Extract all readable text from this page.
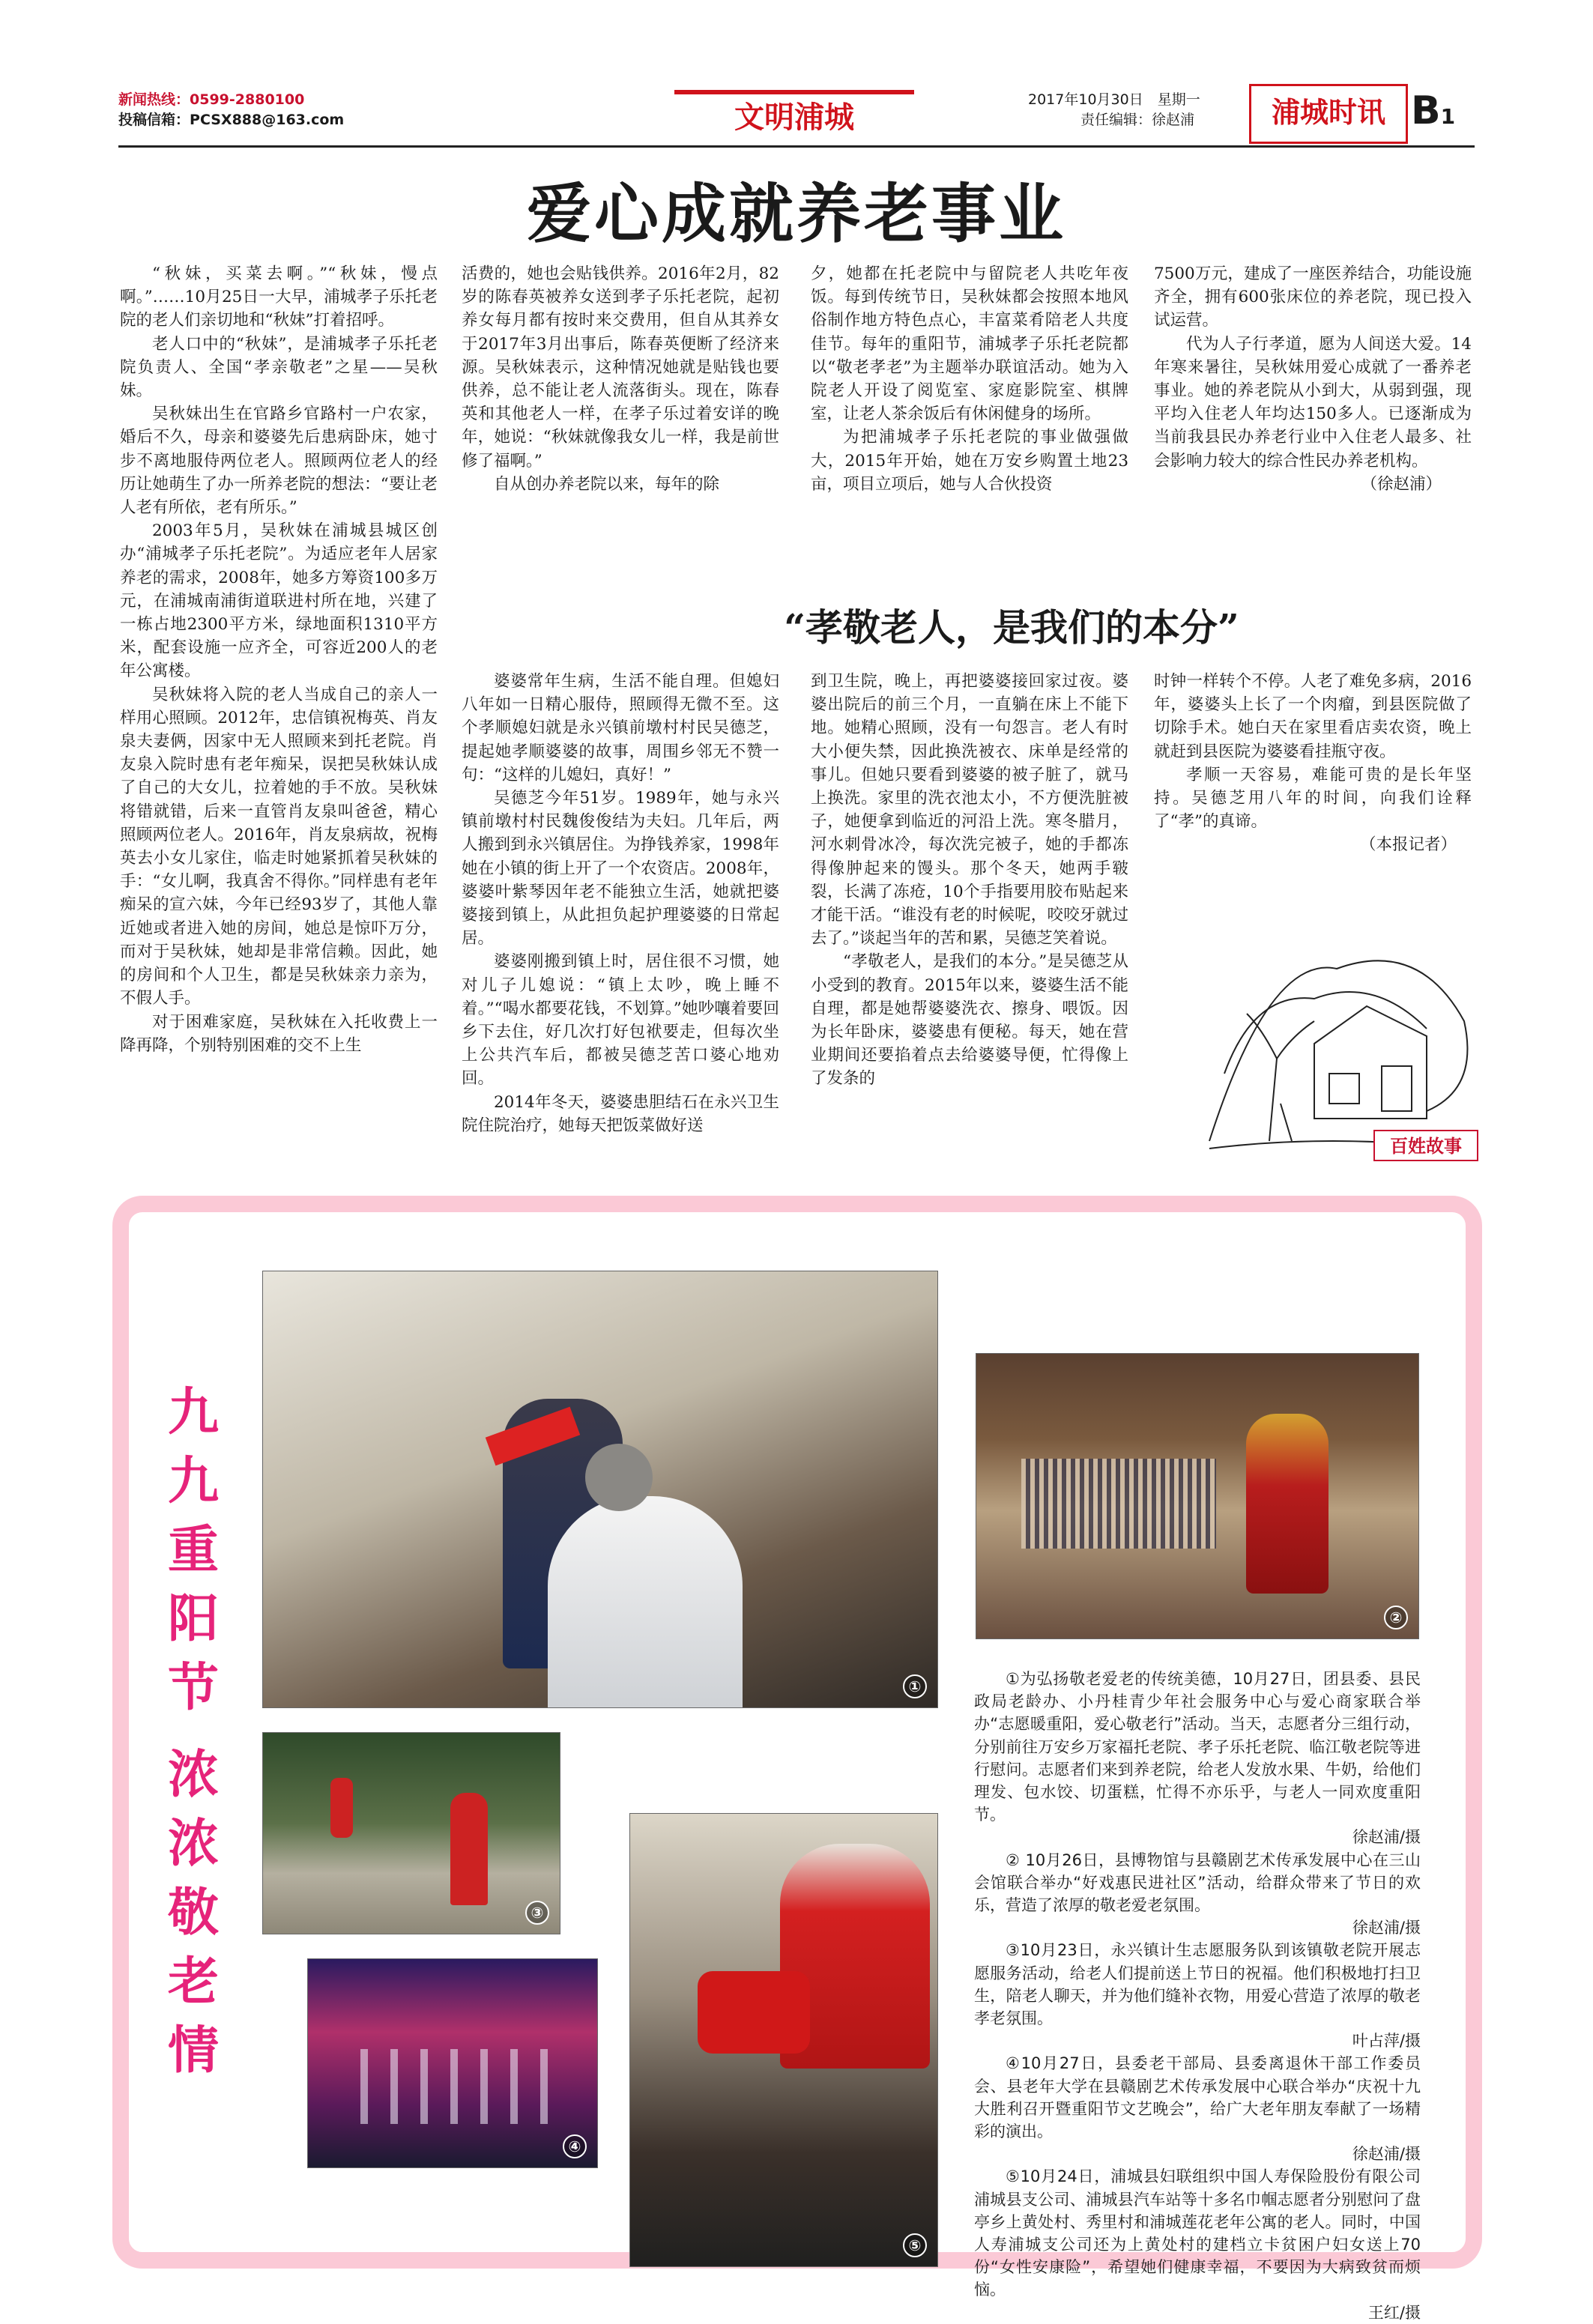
新闻热线：0599-2880100
投稿信箱：PCSX888@163.com	文明浦城
2017年10月30日　星期一
责任编辑：徐赵浦	浦城时讯 B1
爱心成就养老事业

“秋妹，买菜去啊。”“秋妹，慢点啊。”……10月25日一大早，浦城孝子乐托老院的老人们亲切地和“秋妹”打着招呼。

老人口中的“秋妹”，是浦城孝子乐托老院负责人、全国“孝亲敬老”之星——吴秋妹。

吴秋妹出生在官路乡官路村一户农家，婚后不久，母亲和婆婆先后患病卧床，她寸步不离地服侍两位老人。照顾两位老人的经历让她萌生了办一所养老院的想法：“要让老人老有所依，老有所乐。”

2003年5月，吴秋妹在浦城县城区创办“浦城孝子乐托老院”。为适应老年人居家养老的需求，2008年，她多方筹资100多万元，在浦城南浦街道联进村所在地，兴建了一栋占地2300平方米，绿地面积1310平方米，配套设施一应齐全，可容近200人的老年公寓楼。

吴秋妹将入院的老人当成自己的亲人一样用心照顾。2012年，忠信镇祝梅英、肖友泉夫妻俩，因家中无人照顾来到托老院。肖友泉入院时患有老年痴呆，误把吴秋妹认成了自己的大女儿，拉着她的手不放。吴秋妹将错就错，后来一直管肖友泉叫爸爸，精心照顾两位老人。2016年，肖友泉病故，祝梅英去小女儿家住，临走时她紧抓着吴秋妹的手：“女儿啊，我真舍不得你。”同样患有老年痴呆的宣六妹，今年已经93岁了，其他人靠近她或者进入她的房间，她总是惊吓万分，而对于吴秋妹，她却是非常信赖。因此，她的房间和个人卫生，都是吴秋妹亲力亲为，不假人手。

对于困难家庭，吴秋妹在入托收费上一降再降，个别特别困难的交不上生

活费的，她也会贴钱供养。2016年2月，82岁的陈春英被养女送到孝子乐托老院，起初养女每月都有按时来交费用，但自从其养女于2017年3月出事后，陈春英便断了经济来源。吴秋妹表示，这种情况她就是贴钱也要供养，总不能让老人流落街头。现在，陈春英和其他老人一样，在孝子乐过着安详的晚年，她说：“秋妹就像我女儿一样，我是前世修了福啊。”

自从创办养老院以来，每年的除

夕，她都在托老院中与留院老人共吃年夜饭。每到传统节日，吴秋妹都会按照本地风俗制作地方特色点心，丰富菜肴陪老人共度佳节。每年的重阳节，浦城孝子乐托老院都以“敬老孝老”为主题举办联谊活动。她为入院老人开设了阅览室、家庭影院室、棋牌室，让老人茶余饭后有休闲健身的场所。

为把浦城孝子乐托老院的事业做强做大，2015年开始，她在万安乡购置土地23亩，项目立项后，她与人合伙投资

7500万元，建成了一座医养结合，功能设施齐全，拥有600张床位的养老院，现已投入试运营。

代为人子行孝道，愿为人间送大爱。14年寒来暑往，吴秋妹用爱心成就了一番养老事业。她的养老院从小到大，从弱到强，现平均入住老人年均达150多人。已逐渐成为当前我县民办养老行业中入住老人最多、社会影响力较大的综合性民办养老机构。

（徐赵浦）
“孝敬老人，是我们的本分”

婆婆常年生病，生活不能自理。但媳妇八年如一日精心服侍，照顾得无微不至。这个孝顺媳妇就是永兴镇前墩村村民吴德芝，提起她孝顺婆婆的故事，周围乡邻无不赞一句：“这样的儿媳妇，真好！”

吴德芝今年51岁。1989年，她与永兴镇前墩村村民魏俊俊结为夫妇。几年后，两人搬到到永兴镇居住。为挣钱养家，1998年她在小镇的街上开了一个农资店。2008年，婆婆叶紫琴因年老不能独立生活，她就把婆婆接到镇上，从此担负起护理婆婆的日常起居。

婆婆刚搬到镇上时，居住很不习惯，她对儿子儿媳说：“镇上太吵，晚上睡不着。”“喝水都要花钱，不划算。”她吵嚷着要回乡下去住，好几次打好包袱要走，但每次坐上公共汽车后，都被吴德芝苦口婆心地劝回。

2014年冬天，婆婆患胆结石在永兴卫生院住院治疗，她每天把饭菜做好送

到卫生院，晚上，再把婆婆接回家过夜。婆婆出院后的前三个月，一直躺在床上不能下地。她精心照顾，没有一句怨言。老人有时大小便失禁，因此换洗被衣、床单是经常的事儿。但她只要看到婆婆的被子脏了，就马上换洗。家里的洗衣池太小，不方便洗脏被子，她便拿到临近的河沿上洗。寒冬腊月，河水刺骨冰冷，每次洗完被子，她的手都冻得像肿起来的馒头。那个冬天，她两手皲裂，长满了冻疮，10个手指要用胶布贴起来才能干活。“谁没有老的时候呢，咬咬牙就过去了。”谈起当年的苦和累，吴德芝笑着说。

“孝敬老人，是我们的本分。”是吴德芝从小受到的教育。2015年以来，婆婆生活不能自理，都是她帮婆婆洗衣、擦身、喂饭。因为长年卧床，婆婆患有便秘。每天，她在营业期间还要掐着点去给婆婆导便，忙得像上了发条的

时钟一样转个不停。人老了难免多病，2016年，婆婆头上长了一个肉瘤，到县医院做了切除手术。她白天在家里看店卖农资，晚上就赶到县医院为婆婆看挂瓶守夜。

孝顺一天容易，难能可贵的是长年坚持。吴德芝用八年的时间，向我们诠释了“孝”的真谛。

（本报记者）
百姓故事
九
九
重
阳
节
浓
浓
敬
老
情
①
②
③
④
⑤

①为弘扬敬老爱老的传统美德，10月27日，团县委、县民政局老龄办、小丹桂青少年社会服务中心与爱心商家联合举办“志愿暖重阳，爱心敬老行”活动。当天，志愿者分三组行动，分别前往万安乡万家福托老院、孝子乐托老院、临江敬老院等进行慰问。志愿者们来到养老院，给老人发放水果、牛奶，给他们理发、包水饺、切蛋糕，忙得不亦乐乎，与老人一同欢度重阳节。

徐赵浦/摄

② 10月26日，县博物馆与县赣剧艺术传承发展中心在三山会馆联合举办“好戏惠民进社区”活动，给群众带来了节日的欢乐，营造了浓厚的敬老爱老氛围。

徐赵浦/摄

③10月23日，永兴镇计生志愿服务队到该镇敬老院开展志愿服务活动，给老人们提前送上节日的祝福。他们积极地打扫卫生，陪老人聊天，并为他们缝补衣物，用爱心营造了浓厚的敬老孝老氛围。

叶占萍/摄

④10月27日，县委老干部局、县委离退休干部工作委员会、县老年大学在县赣剧艺术传承发展中心联合举办“庆祝十九大胜利召开暨重阳节文艺晚会”，给广大老年朋友奉献了一场精彩的演出。

徐赵浦/摄

⑤10月24日，浦城县妇联组织中国人寿保险股份有限公司浦城县支公司、浦城县汽车站等十多名巾帼志愿者分别慰问了盘亭乡上黄处村、秀里村和浦城莲花老年公寓的老人。同时，中国人寿浦城支公司还为上黄处村的建档立卡贫困户妇女送上70份“女性安康险”，希望她们健康幸福，不要因为大病致贫而烦恼。

王红/摄
